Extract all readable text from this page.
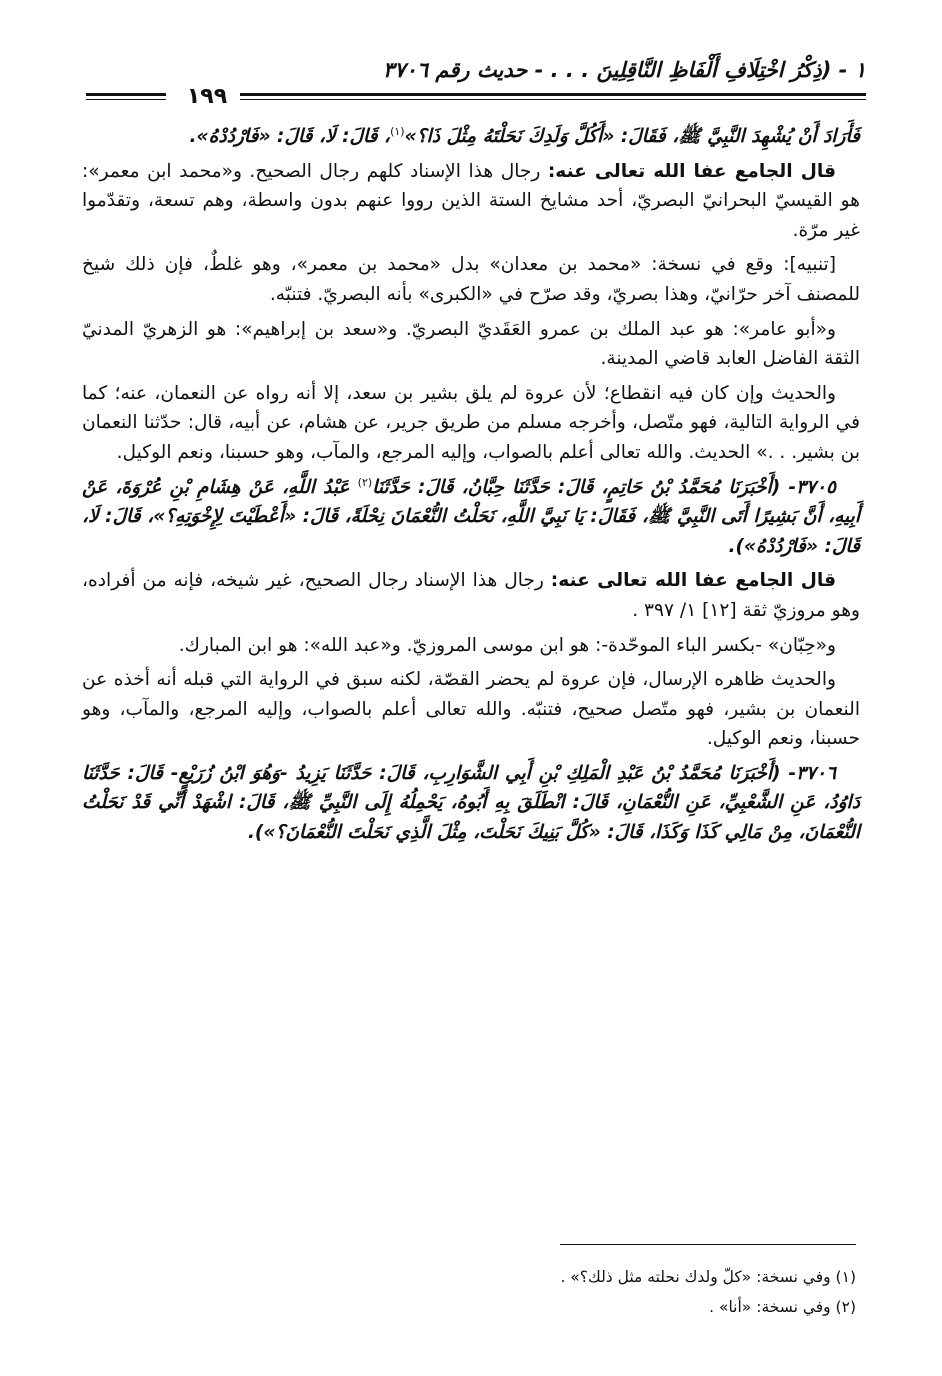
١ - (ذِكْرُ اخْتِلَافِ أَلْفَاظِ النَّاقِلِينَ . . . - حديث رقم ٣٧٠٦
١٩٩

فَأَرَادَ أَنْ يُشْهِدَ النَّبِيَّ ﷺ، فَقَالَ: «أَكُلَّ وَلَدِكَ نَحَلْتَهُ مِثْلَ ذَا؟»$^{(١)}$، قَالَ: لَا، قَالَ: «فَارْدُدْهُ».

قال الجامع عفا الله تعالى عنه: رجال هذا الإسناد كلهم رجال الصحيح. و«محمد ابن معمر»: هو القيسيّ البحرانيّ البصريّ، أحد مشايخ الستة الذين رووا عنهم بدون واسطة، وهم تسعة، وتقدّموا غير مرّة.

[تنبيه]: وقع في نسخة: «محمد بن معدان» بدل «محمد بن معمر»، وهو غلطٌ، فإن ذلك شيخ للمصنف آخر حرّانيّ، وهذا بصريّ، وقد صرّح في «الكبرى» بأنه البصريّ. فتنبّه.

و«أبو عامر»: هو عبد الملك بن عمرو العَقَديّ البصريّ. و«سعد بن إبراهيم»: هو الزهريّ المدنيّ الثقة الفاضل العابد قاضي المدينة.

والحديث وإن كان فيه انقطاع؛ لأن عروة لم يلق بشير بن سعد، إلا أنه رواه عن النعمان، عنه؛ كما في الرواية التالية، فهو متّصل، وأخرجه مسلم من طريق جرير، عن هشام، عن أبيه، قال: حدّثنا النعمان بن بشير. . .» الحديث. والله تعالى أعلم بالصواب، وإليه المرجع، والمآب، وهو حسبنا، ونعم الوكيل.

٣٧٠٥- (أَخْبَرَنَا مُحَمَّدُ بْنُ حَاتِمٍ، قَالَ: حَدَّثَنَا حِبَّانُ، قَالَ: حَدَّثَنَا$^{(٢)}$ عَبْدُ اللَّهِ، عَنْ هِشَامِ بْنِ عُرْوَةَ، عَنْ أَبِيهِ، أَنَّ بَشِيرًا أَتَى النَّبِيَّ ﷺ، فَقَالَ: يَا نَبِيَّ اللَّهِ، نَحَلْتُ النُّعْمَانَ نِحْلَةً، قَالَ: «أَعْطَيْتَ لِإِخْوَتِهِ؟»، قَالَ: لَا، قَالَ: «فَارْدُدْهُ»).

قال الجامع عفا الله تعالى عنه: رجال هذا الإسناد رجال الصحيح، غير شيخه، فإنه من أفراده، وهو مروزيّ ثقة [١٢] ١/ ٣٩٧ .

و«حِبّان» -بكسر الباء الموحّدة-: هو ابن موسى المروزيّ. و«عبد الله»: هو ابن المبارك.

والحديث ظاهره الإرسال، فإن عروة لم يحضر القصّة، لكنه سبق في الرواية التي قبله أنه أخذه عن النعمان بن بشير، فهو متّصل صحيح، فتنبّه. والله تعالى أعلم بالصواب، وإليه المرجع، والمآب، وهو حسبنا، ونعم الوكيل.

٣٧٠٦- (أَخْبَرَنَا مُحَمَّدُ بْنُ عَبْدِ الْمَلِكِ بْنِ أَبِي الشَّوَارِبِ، قَالَ: حَدَّثَنَا يَزِيدُ -وَهُوَ ابْنُ زُرَيْعٍ- قَالَ: حَدَّثَنَا دَاوُدُ، عَنِ الشَّعْبِيِّ، عَنِ النُّعْمَانِ، قَالَ: انْطَلَقَ بِهِ أَبُوهُ، يَحْمِلُهُ إِلَى النَّبِيِّ ﷺ، قَالَ: اشْهَدْ أَنِّي قَدْ نَحَلْتُ النُّعْمَانَ، مِنْ مَالِي كَذَا وَكَذَا، قَالَ: «كُلَّ بَنِيكَ نَحَلْتَ، مِثْلَ الَّذِي نَحَلْتَ النُّعْمَانَ؟»).

(١) وفي نسخة: «كلّ ولدك نحلته مثل ذلك؟» .

(٢) وفي نسخة: «أنا» .
